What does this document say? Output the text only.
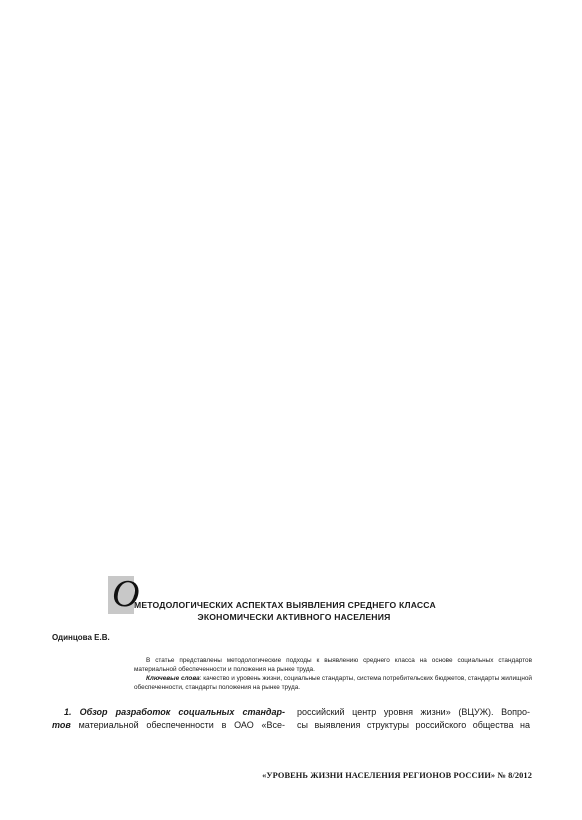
О
МЕТОДОЛОГИЧЕСКИХ АСПЕКТАХ ВЫЯВЛЕНИЯ СРЕДНЕГО КЛАССА
ЭКОНОМИЧЕСКИ АКТИВНОГО НАСЕЛЕНИЯ
Одинцова Е.В.

В статье представлены методологические подходы к выявлению среднего класса на основе социальных стандартов материальной обеспеченности и положения на рынке труда.

Ключевые слова: качество и уровень жизни, социальные стандарты, система потребительских бюджетов, стандарты жилищной обеспеченности, стандарты положения на рынке труда.

1. Обзор разработок социальных стандар-
тов материальной обеспеченности в ОАО «Все-
российский центр уровня жизни» (ВЦУЖ). Вопро-
сы выявления структуры российского общества на
«УРОВЕНЬ ЖИЗНИ НАСЕЛЕНИЯ РЕГИОНОВ РОССИИ» № 8/2012
